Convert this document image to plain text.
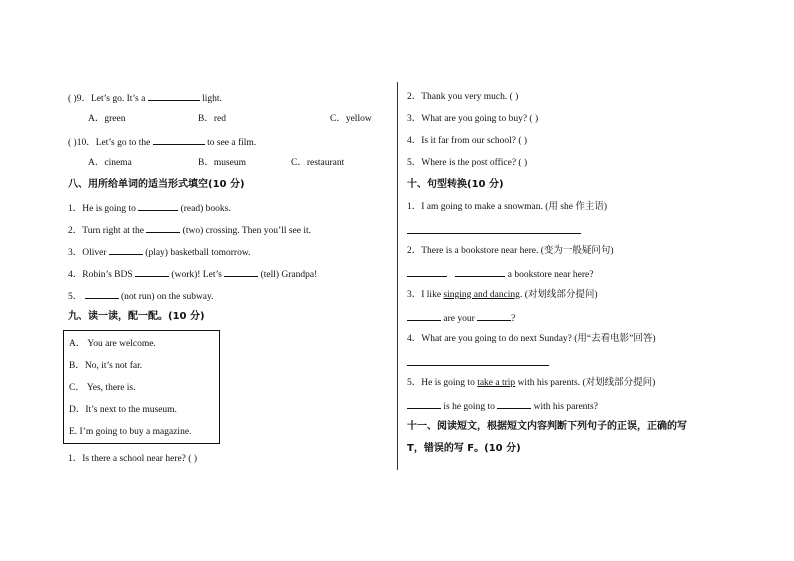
( )9．Let’s go. It’s a	light.
A．green	B．red	C．yellow
( )10．Let’s go to the	to see a film.
A．cinema	B．museum	C．restaurant
八、用所给单词的适当形式填空(10 分)
1．He is going to	(read) books.
2．Turn right at the	(two) crossing. Then you’ll see it.
3．Oliver	(play) basketball tomorrow.
4．Robin’s BDS	(work)! Let’s	(tell) Grandpa!
5．	(not run) on the subway.
九、读一读，配一配。(10 分)
A． You are welcome.
B．No, it’s not far.
C． Yes, there is.
D．It’s next to the museum.
E. I’m going to buy a magazine.
1．Is there a school near here? ( )
2．Thank you very much. ( )
3．What are you going to buy? ( )
4．Is it far from our school? ( )
5．Where is the post office? ( )
十、句型转换(10 分)
1．I am going to make a snowman. (用 she 作主语)
2．There is a bookstore near here. (变为一般疑问句)
a bookstore near here?
3．I like singing and dancing. (对划线部分提问)
are your	?
4．What are you going to do next Sunday? (用“去看电影”回答)
5．He is going to take a trip with his parents. (对划线部分提问)
is he going to	with his parents?
十一、阅读短文，根据短文内容判断下列句子的正误，正确的写
T，错误的写 F。(10 分)
